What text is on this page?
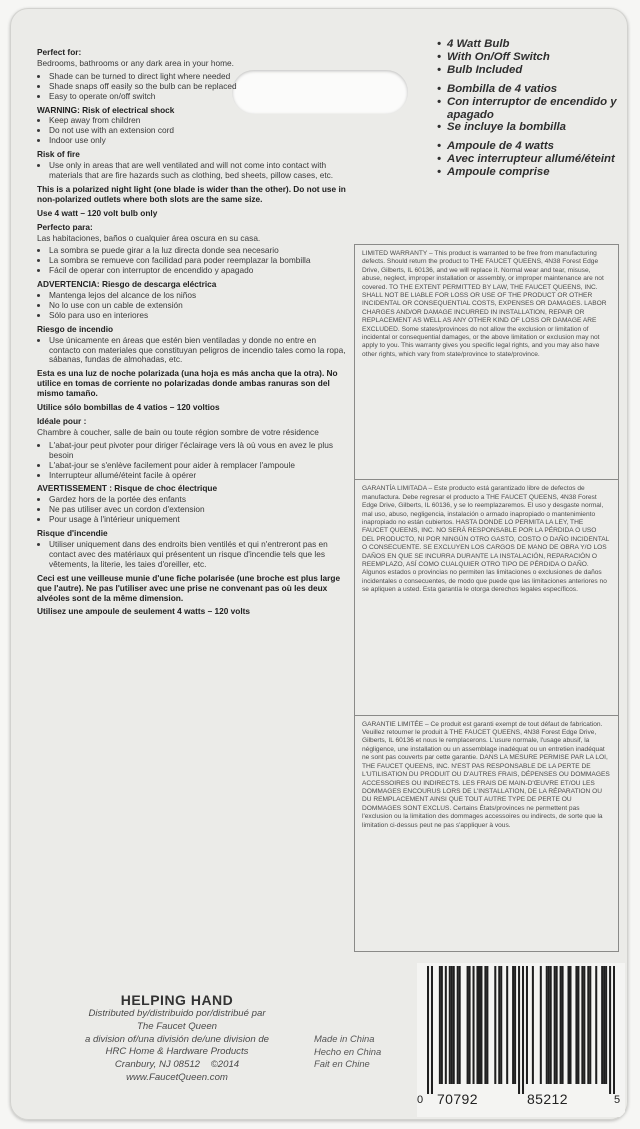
Perfect for:

Bedrooms, bathrooms or any dark area in your home.

• Shade can be turned to direct light where needed
• Shade snaps off easily so the bulb can be replaced
• Easy to operate on/off switch

WARNING: Risk of electrical shock

• Keep away from children
• Do not use with an extension cord
• Indoor use only

Risk of fire

• Use only in areas that are well ventilated and will not come into contact with materials that are fire hazards such as clothing, bed sheets, pillow cases, etc.

This is a polarized night light (one blade is wider than the other). Do not use in non-polarized outlets where both slots are the same size.

Use 4 watt – 120 volt bulb only

Perfecto para:

Las habitaciones, baños o cualquier área oscura en su casa.

• La sombra se puede girar a la luz directa donde sea necesario
• La sombra se remueve con facilidad para poder reemplazar la bombilla
• Fácil de operar con interruptor de encendido y apagado

ADVERTENCIA: Riesgo de descarga eléctrica

• Mantenga lejos del alcance de los niños
• No lo use con un cable de extensión
• Sólo para uso en interiores

Riesgo de incendio

• Use únicamente en áreas que estén bien ventiladas y donde no entre en contacto con materiales que constituyan peligros de incendio tales como la ropa, sábanas, fundas de almohadas, etc.

Esta es una luz de noche polarizada (una hoja es más ancha que la otra). No utilice en tomas de corriente no polarizadas donde ambas ranuras son del mismo tamaño.

Utilice sólo bombillas de 4 vatios – 120 voltios

Idéale pour :

Chambre à coucher, salle de bain ou toute région sombre de votre résidence

• L'abat-jour peut pivoter pour diriger l'éclairage vers là où vous en avez le plus besoin
• L'abat-jour se s'enlève facilement pour aider à remplacer l'ampoule
• Interrupteur allumé/éteint facile à opérer

AVERTISSEMENT : Risque de choc électrique

• Gardez hors de la portée des enfants
• Ne pas utiliser avec un cordon d'extension
• Pour usage à l'intérieur uniquement

Risque d'incendie

• Utiliser uniquement dans des endroits bien ventilés et qui n'entreront pas en contact avec des matériaux qui présentent un risque d'incendie tels que les vêtements, la literie, les taies d'oreiller, etc.

Ceci est une veilleuse munie d'une fiche polarisée (une broche est plus large que l'autre). Ne pas l'utiliser avec une prise ne convenant pas où les deux alvéoles sont de la même dimension.

Utilisez une ampoule de seulement 4 watts – 120 volts

• 4 Watt Bulb
• With On/Off Switch
• Bulb Included
• Bombilla de 4 vatios
• Con interruptor de encendido y apagado
• Se incluye la bombilla
• Ampoule de 4 watts
• Avec interrupteur allumé/éteint
• Ampoule comprise
LIMITED WARRANTY – This product is warranted to be free from manufacturing defects. Should return the product to THE FAUCET QUEENS, 4N38 Forest Edge Drive, Gilberts, IL 60136, and we will replace it. Normal wear and tear, misuse, abuse, neglect, improper installation or assembly, or improper maintenance are not covered. TO THE EXTENT PERMITTED BY LAW, THE FAUCET QUEENS, INC. SHALL NOT BE LIABLE FOR LOSS OR USE OF THE PRODUCT OR OTHER INCIDENTAL OR CONSEQUENTIAL COSTS, EXPENSES OR DAMAGES. LABOR CHARGES AND/OR DAMAGE INCURRED IN INSTALLATION, REPAIR OR REPLACEMENT AS WELL AS ANY OTHER KIND OF LOSS OR DAMAGE ARE EXCLUDED. Some states/provinces do not allow the exclusion or limitation of incidental or consequential damages, or the above limitation or exclusion may not apply to you. This warranty gives you specific legal rights, and you may also have other rights, which vary from state/province to state/province.
GARANTÍA LIMITADA – Este producto está garantizado libre de defectos de manufactura. Debe regresar el producto a THE FAUCET QUEENS, 4N38 Forest Edge Drive, Gilberts, IL 60136, y se lo reemplazaremos. El uso y desgaste normal, mal uso, abuso, negligencia, instalación o armado inapropiado o mantenimiento inapropiado no están cubiertos. HASTA DONDE LO PERMITA LA LEY, THE FAUCET QUEENS, INC. NO SERÁ RESPONSABLE POR LA PÉRDIDA O USO DEL PRODUCTO, NI POR NINGÚN OTRO GASTO, COSTO O DAÑO INCIDENTAL O CONSECUENTE. SE EXCLUYEN LOS CARGOS DE MANO DE OBRA Y/O LOS DAÑOS EN QUE SE INCURRA DURANTE LA INSTALACIÓN, REPARACIÓN O REEMPLAZO, ASÍ COMO CUALQUIER OTRO TIPO DE PÉRDIDA O DAÑO. Algunos estados o provincias no permiten las limitaciones o exclusiones de daños incidentales o consecuentes, de modo que puede que las limitaciones anteriores no se apliquen a usted. Esta garantía le otorga derechos legales específicos.
GARANTIE LIMITÉE – Ce produit est garanti exempt de tout défaut de fabrication. Veuillez retourner le produit à THE FAUCET QUEENS, 4N38 Forest Edge Drive, Gilberts, IL 60136 et nous le remplacerons. L'usure normale, l'usage abusif, la négligence, une installation ou un assemblage inadéquat ou un entretien inadéquat ne sont pas couverts par cette garantie. DANS LA MESURE PERMISE PAR LA LOI, THE FAUCET QUEENS, INC. N'EST PAS RESPONSABLE DE LA PERTE DE L'UTILISATION DU PRODUIT OU D'AUTRES FRAIS, DÉPENSES OU DOMMAGES ACCESSOIRES OU INDIRECTS. LES FRAIS DE MAIN-D'ŒUVRE ET/OU LES DOMMAGES ENCOURUS LORS DE L'INSTALLATION, DE LA RÉPARATION OU DU REMPLACEMENT AINSI QUE TOUT AUTRE TYPE DE PERTE OU DOMMAGES SONT EXCLUS. Certains États/provinces ne permettent pas l'exclusion ou la limitation des dommages accessoires ou indirects, de sorte que la limitation ci-dessus peut ne pas s'appliquer à vous.
HELPING HAND
Distributed by/distribuido por/distribué par
The Faucet Queen
a division of/una división de/une division de
HRC Home & Hardware Products
Cranbury, NJ 08512 ©2014
www.FaucetQueen.com
Made in China
Hecho en China
Fait en Chine
0 70792	85212	5
